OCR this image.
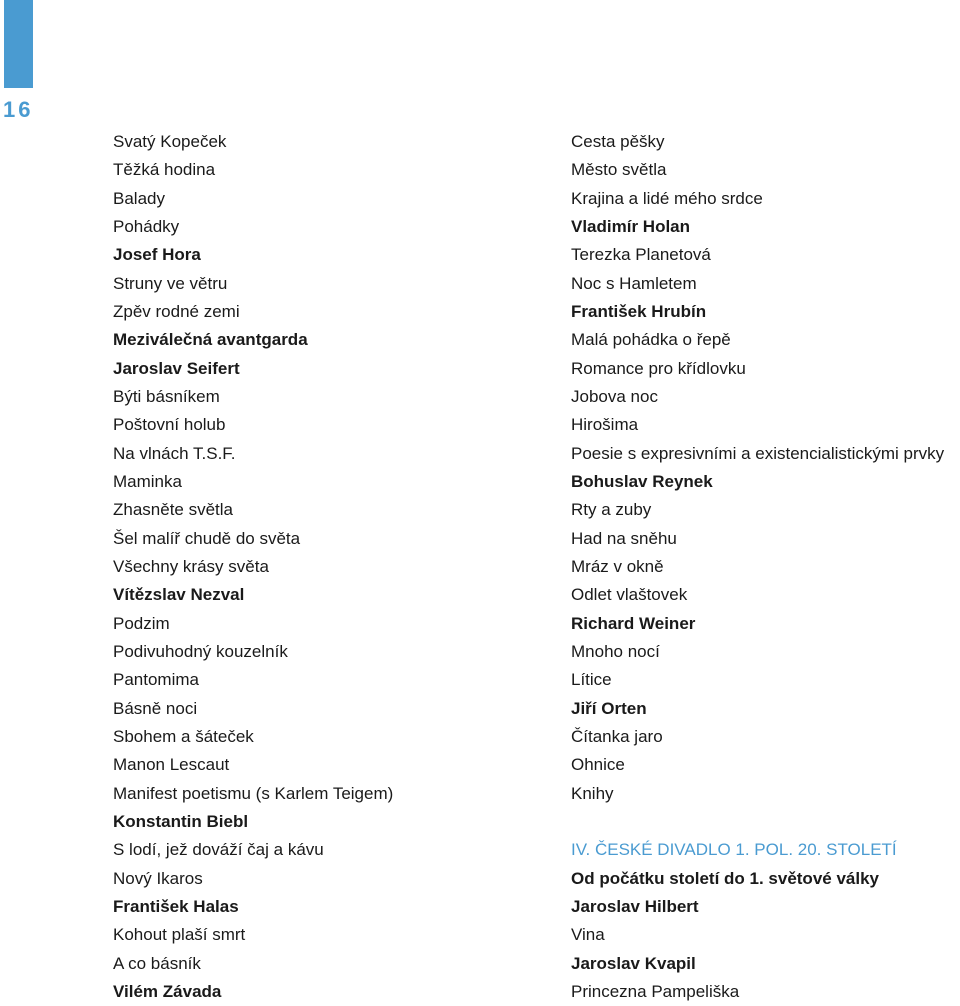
16
Svatý Kopeček
Těžká hodina
Balady
Pohádky
Josef Hora
Struny ve větru
Zpěv rodné zemi
Meziválečná avantgarda
Jaroslav Seifert
Býti básníkem
Poštovní holub
Na vlnách T.S.F.
Maminka
Zhasněte světla
Šel malíř chudě do světa
Všechny krásy světa
Vítězslav Nezval
Podzim
Podivuhodný kouzelník
Pantomima
Básně noci
Sbohem a šáteček
Manon Lescaut
Manifest poetismu (s Karlem Teigem)
Konstantin Biebl
S lodí, jež dováží čaj a kávu
Nový Ikaros
František Halas
Kohout plaší smrt
A co básník
Vilém Závada
Cesta pěšky
Město světla
Krajina a lidé mého srdce
Vladimír Holan
Terezka Planetová
Noc s Hamletem
František Hrubín
Malá pohádka o řepě
Romance pro křídlovku
Jobova noc
Hirošima
Poesie s expresivními a existencialistickými prvky
Bohuslav Reynek
Rty a zuby
Had na sněhu
Mráz v okně
Odlet vlaštovek
Richard Weiner
Mnoho nocí
Lítice
Jiří Orten
Čítanka jaro
Ohnice
Knihy
IV. ČESKÉ DIVADLO 1. POL. 20. STOLETÍ
Od počátku století do 1. světové války
Jaroslav Hilbert
Vina
Jaroslav Kvapil
Princezna Pampeliška
